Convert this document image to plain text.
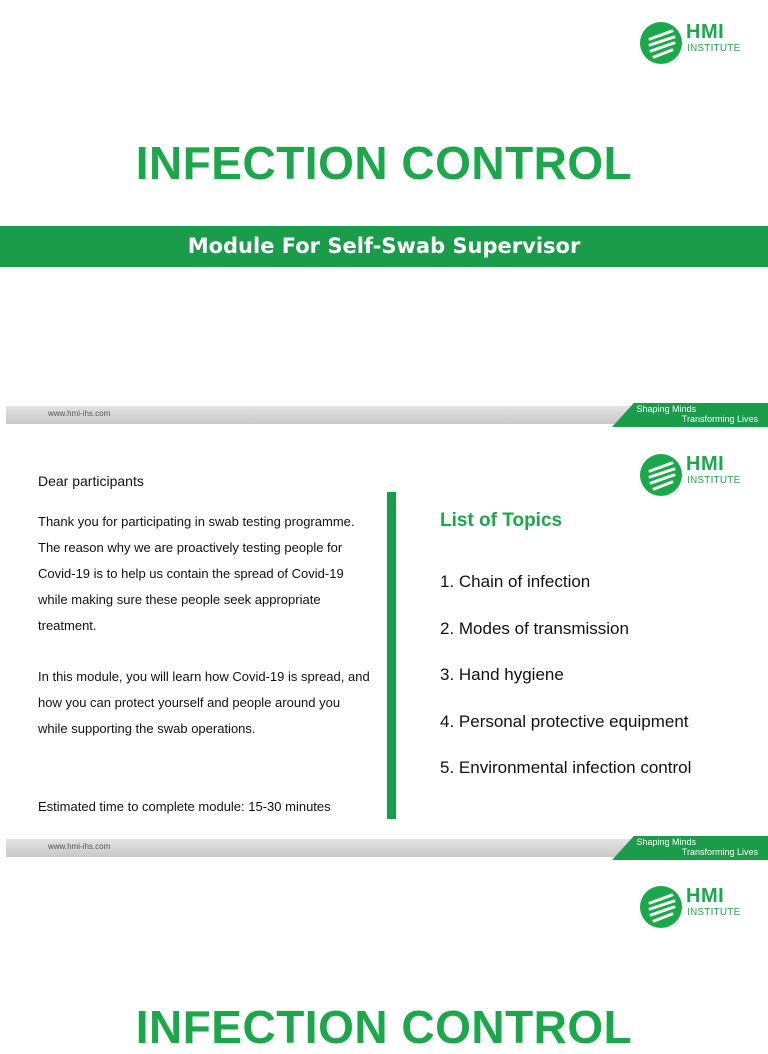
HMI
INSTITUTE
INFECTION CONTROL
Module For Self-Swab Supervisor
www.hmi-ihs.com	Shaping Minds
Transforming Lives
HMI
INSTITUTE
Dear participants

Thank you for participating in swab testing programme. The reason why we are proactively testing people for Covid-19 is to help us contain the spread of Covid-19 while making sure these people seek appropriate treatment.

In this module, you will learn how Covid-19 is spread, and how you can protect yourself and people around you while supporting the swab operations.

Estimated time to complete module: 15-30 minutes
List of Topics
1. Chain of infection
2. Modes of transmission
3. Hand hygiene
4. Personal protective equipment
5. Environmental infection control
www.hmi-ihs.com	Shaping Minds
Transforming Lives
HMI
INSTITUTE
INFECTION CONTROL
